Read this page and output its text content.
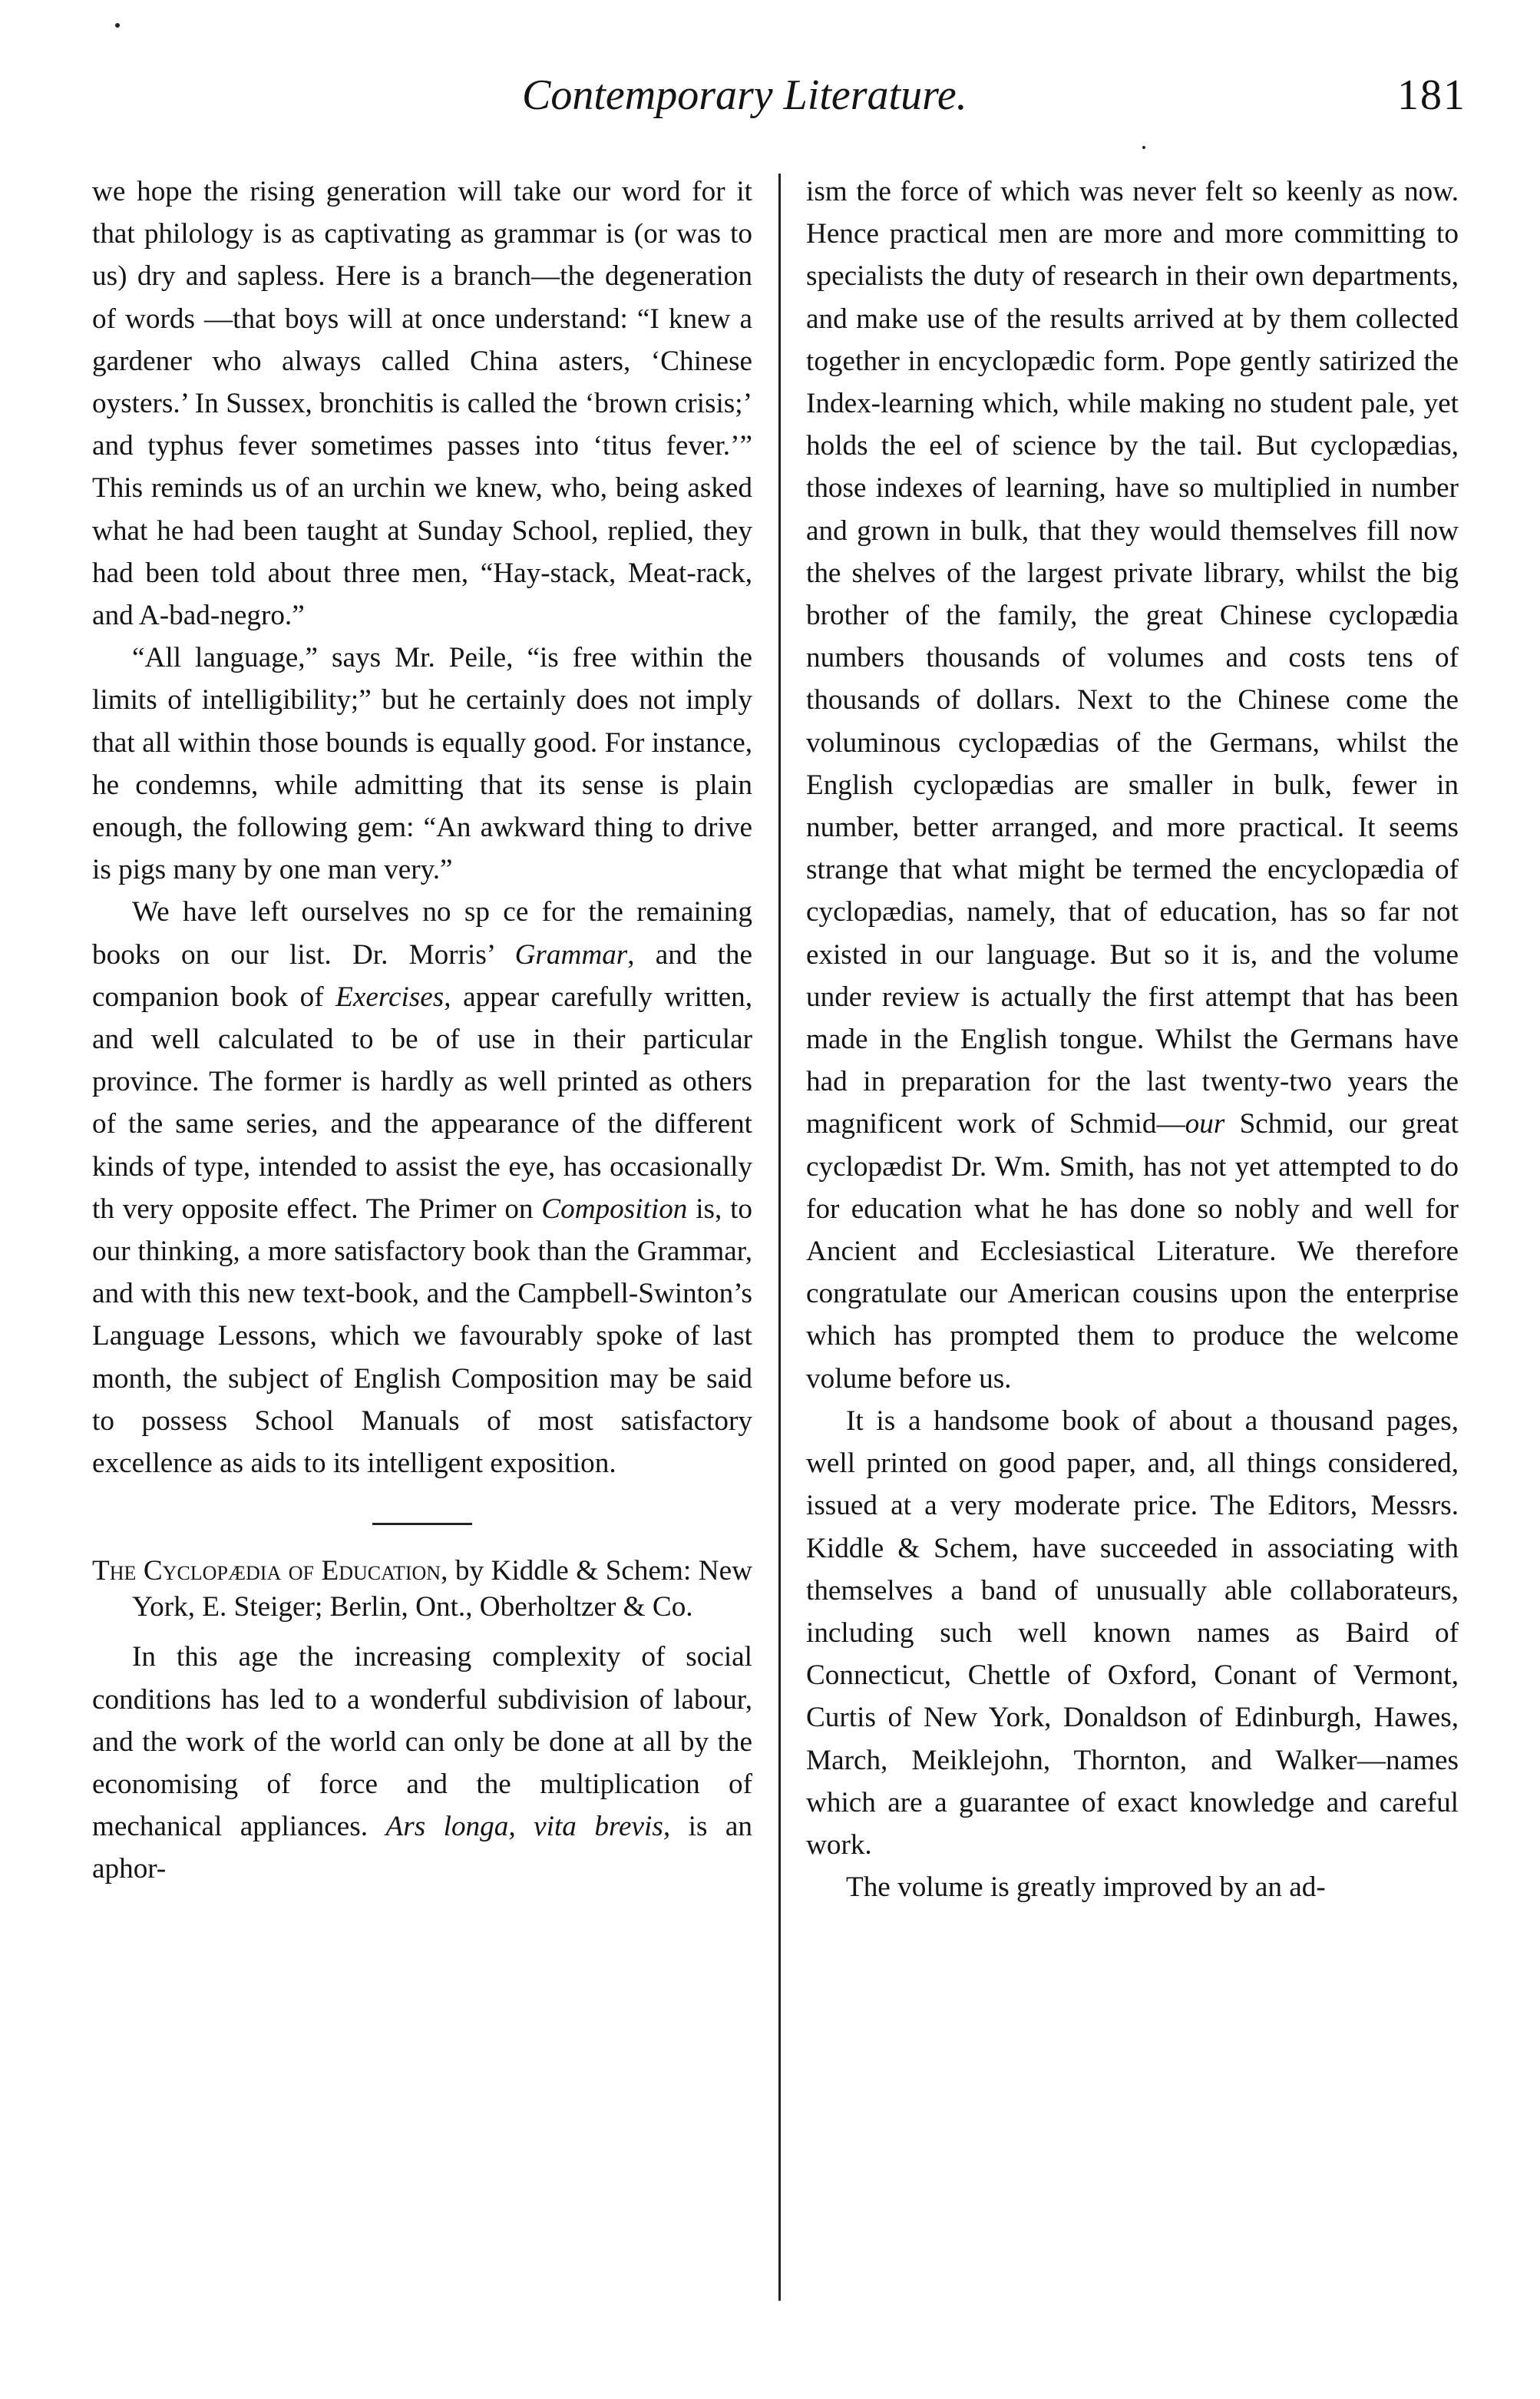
Contemporary Literature.	181

we hope the rising generation will take our word for it that philology is as captivating as grammar is (or was to us) dry and sapless. Here is a branch—the degeneration of words —that boys will at once understand: “I knew a gardener who always called China asters, ‘Chinese oysters.’ In Sussex, bronchitis is called the ‘brown crisis;’ and typhus fever sometimes passes into ‘titus fever.’” This reminds us of an urchin we knew, who, being asked what he had been taught at Sunday School, replied, they had been told about three men, “Hay-stack, Meat-rack, and A-bad-negro.”

“All language,” says Mr. Peile, “is free within the limits of intelligibility;” but he certainly does not imply that all within those bounds is equally good. For instance, he condemns, while admitting that its sense is plain enough, the following gem: “An awkward thing to drive is pigs many by one man very.”

We have left ourselves no sp ce for the remaining books on our list. Dr. Morris’ Grammar, and the companion book of Exercises, appear carefully written, and well calculated to be of use in their particular province. The former is hardly as well printed as others of the same series, and the appearance of the different kinds of type, intended to assist the eye, has occasionally th very opposite effect. The Primer on Composition is, to our thinking, a more satisfactory book than the Grammar, and with this new text-book, and the Campbell-Swinton’s Language Lessons, which we favourably spoke of last month, the subject of English Composition may be said to possess School Manuals of most satisfactory excellence as aids to its intelligent exposition.

The Cyclopædia of Education, by Kiddle & Schem: New York, E. Steiger; Berlin, Ont., Oberholtzer & Co.

In this age the increasing complexity of social conditions has led to a wonderful subdivision of labour, and the work of the world can only be done at all by the economising of force and the multiplication of mechanical appliances. Ars longa, vita brevis, is an aphor-

ism the force of which was never felt so keenly as now. Hence practical men are more and more committing to specialists the duty of research in their own departments, and make use of the results arrived at by them collected together in encyclopædic form. Pope gently satirized the Index-learning which, while making no student pale, yet holds the eel of science by the tail. But cyclopædias, those indexes of learning, have so multiplied in number and grown in bulk, that they would themselves fill now the shelves of the largest private library, whilst the big brother of the family, the great Chinese cyclopædia numbers thousands of volumes and costs tens of thousands of dollars. Next to the Chinese come the voluminous cyclopædias of the Germans, whilst the English cyclopædias are smaller in bulk, fewer in number, better arranged, and more practical. It seems strange that what might be termed the encyclopædia of cyclopædias, namely, that of education, has so far not existed in our language. But so it is, and the volume under review is actually the first attempt that has been made in the English tongue. Whilst the Germans have had in preparation for the last twenty-two years the magnificent work of Schmid—our Schmid, our great cyclopædist Dr. Wm. Smith, has not yet attempted to do for education what he has done so nobly and well for Ancient and Ecclesiastical Literature. We therefore congratulate our American cousins upon the enterprise which has prompted them to produce the welcome volume before us.

It is a handsome book of about a thousand pages, well printed on good paper, and, all things considered, issued at a very moderate price. The Editors, Messrs. Kiddle & Schem, have succeeded in associating with themselves a band of unusually able collaborateurs, including such well known names as Baird of Connecticut, Chettle of Oxford, Conant of Vermont, Curtis of New York, Donaldson of Edinburgh, Hawes, March, Meiklejohn, Thornton, and Walker—names which are a guarantee of exact knowledge and careful work.

The volume is greatly improved by an ad-
